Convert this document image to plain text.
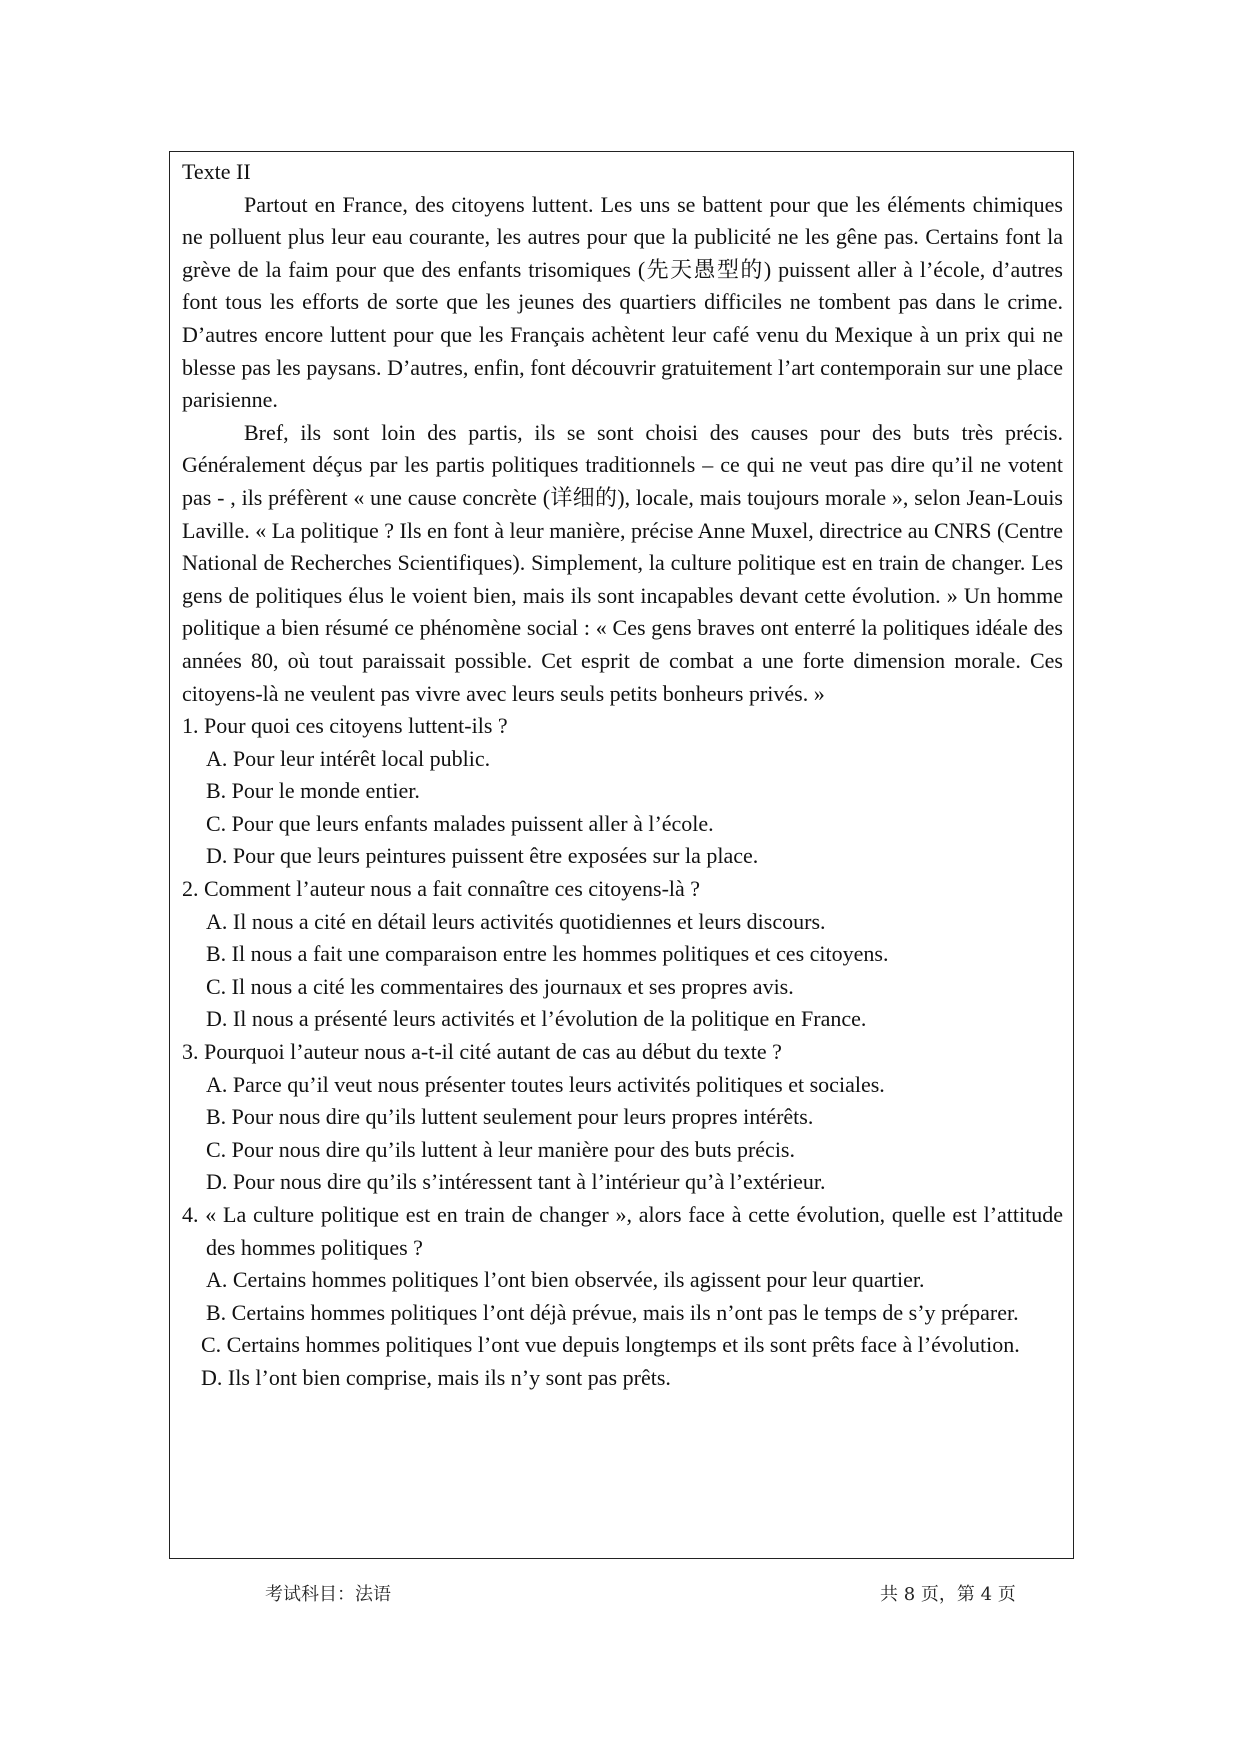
Texte II

Partout en France, des citoyens luttent. Les uns se battent pour que les éléments chimiques ne polluent plus leur eau courante, les autres pour que la publicité ne les gêne pas. Certains font la grève de la faim pour que des enfants trisomiques (先天愚型的) puissent aller à l’école, d’autres font tous les efforts de sorte que les jeunes des quartiers difficiles ne tombent pas dans le crime. D’autres encore luttent pour que les Français achètent leur café venu du Mexique à un prix qui ne blesse pas les paysans. D’autres, enfin, font découvrir gratuitement l’art contemporain sur une place parisienne.

Bref, ils sont loin des partis, ils se sont choisi des causes pour des buts très précis. Généralement déçus par les partis politiques traditionnels – ce qui ne veut pas dire qu’il ne votent pas - , ils préfèrent « une cause concrète (详细的), locale, mais toujours morale », selon Jean-Louis Laville. « La politique ? Ils en font à leur manière, précise Anne Muxel, directrice au CNRS (Centre National de Recherches Scientifiques). Simplement, la culture politique est en train de changer. Les gens de politiques élus le voient bien, mais ils sont incapables devant cette évolution. » Un homme politique a bien résumé ce phénomène social : « Ces gens braves ont enterré la politiques idéale des années 80, où tout paraissait possible. Cet esprit de combat a une forte dimension morale. Ces citoyens-là ne veulent pas vivre avec leurs seuls petits bonheurs privés. »

1. Pour quoi ces citoyens luttent-ils ?

A. Pour leur intérêt local public.

B. Pour le monde entier.

C. Pour que leurs enfants malades puissent aller à l’école.

D. Pour que leurs peintures puissent être exposées sur la place.

2. Comment l’auteur nous a fait connaître ces citoyens-là ?

A. Il nous a cité en détail leurs activités quotidiennes et leurs discours.

B. Il nous a fait une comparaison entre les hommes politiques et ces citoyens.

C. Il nous a cité les commentaires des journaux et ses propres avis.

D. Il nous a présenté leurs activités et l’évolution de la politique en France.

3. Pourquoi l’auteur nous a-t-il cité autant de cas au début du texte ?

A. Parce qu’il veut nous présenter toutes leurs activités politiques et sociales.

B. Pour nous dire qu’ils luttent seulement pour leurs propres intérêts.

C. Pour nous dire qu’ils luttent à leur manière pour des buts précis.

D. Pour nous dire qu’ils s’intéressent tant à l’intérieur qu’à l’extérieur.

4. « La culture politique est en train de changer », alors face à cette évolution, quelle est l’attitude des hommes politiques ?

A. Certains hommes politiques l’ont bien observée, ils agissent pour leur quartier.

B. Certains hommes politiques l’ont déjà prévue, mais ils n’ont pas le temps de s’y préparer.

C. Certains hommes politiques l’ont vue depuis longtemps et ils sont prêts face à l’évolution.

D. Ils l’ont bien comprise, mais ils n’y sont pas prêts.

考试科目：法语	共 8 页，第 4 页
